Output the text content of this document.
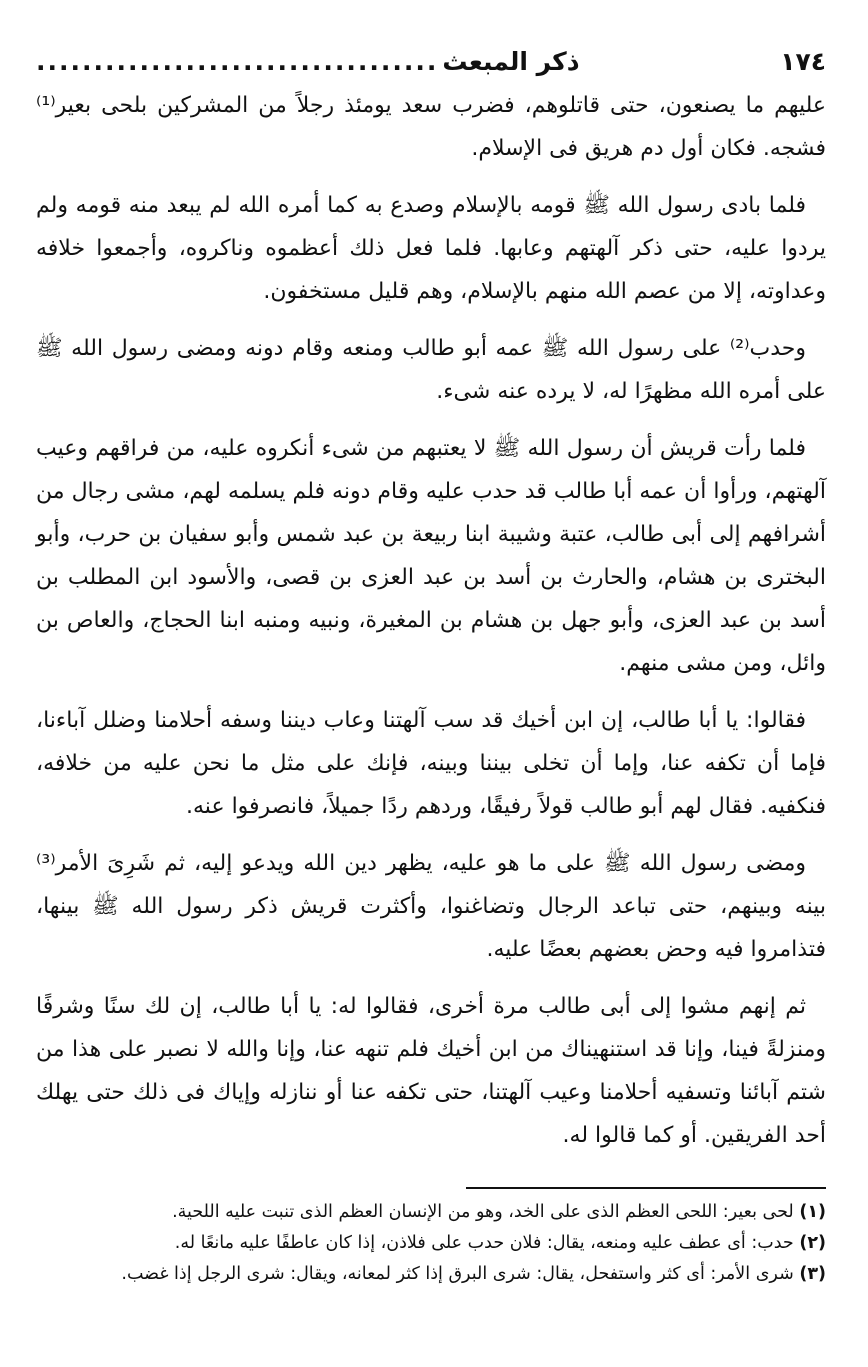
١٧٤
ذكر المبعث
...................................

عليهم ما يصنعون، حتى قاتلوهم، فضرب سعد يومئذ رجلاً من المشركين بلحى بعير⁽¹⁾ فشجه. فكان أول دم هريق فى الإسلام.

فلما بادى رسول الله ﷺ قومه بالإسلام وصدع به كما أمره الله لم يبعد منه قومه ولم يردوا عليه، حتى ذكر آلهتهم وعابها. فلما فعل ذلك أعظموه وناكروه، وأجمعوا خلافه وعداوته، إلا من عصم الله منهم بالإسلام، وهم قليل مستخفون.

وحدب⁽²⁾ على رسول الله ﷺ عمه أبو طالب ومنعه وقام دونه ومضى رسول الله ﷺ على أمره الله مظهرًا له، لا يرده عنه شىء.

فلما رأت قريش أن رسول الله ﷺ لا يعتبهم من شىء أنكروه عليه، من فراقهم وعيب آلهتهم، ورأوا أن عمه أبا طالب قد حدب عليه وقام دونه فلم يسلمه لهم، مشى رجال من أشرافهم إلى أبى طالب، عتبة وشيبة ابنا ربيعة بن عبد شمس وأبو سفيان بن حرب، وأبو البخترى بن هشام، والحارث بن أسد بن عبد العزى بن قصى، والأسود ابن المطلب بن أسد بن عبد العزى، وأبو جهل بن هشام بن المغيرة، ونبيه ومنبه ابنا الحجاج، والعاص بن وائل، ومن مشى منهم.

فقالوا: يا أبا طالب، إن ابن أخيك قد سب آلهتنا وعاب ديننا وسفه أحلامنا وضلل آباءنا، فإما أن تكفه عنا، وإما أن تخلى بيننا وبينه، فإنك على مثل ما نحن عليه من خلافه، فنكفيه. فقال لهم أبو طالب قولاً رفيقًا، وردهم ردًا جميلاً، فانصرفوا عنه.

ومضى رسول الله ﷺ على ما هو عليه، يظهر دين الله ويدعو إليه، ثم شَرِىَ الأمر⁽³⁾ بينه وبينهم، حتى تباعد الرجال وتضاغنوا، وأكثرت قريش ذكر رسول الله ﷺ بينها، فتذامروا فيه وحض بعضهم بعضًا عليه.

ثم إنهم مشوا إلى أبى طالب مرة أخرى، فقالوا له: يا أبا طالب، إن لك سنًا وشرفًا ومنزلةً فينا، وإنا قد استنهيناك من ابن أخيك فلم تنهه عنا، وإنا والله لا نصبر على هذا من شتم آبائنا وتسفيه أحلامنا وعيب آلهتنا، حتى تكفه عنا أو ننازله وإياك فى ذلك حتى يهلك أحد الفريقين. أو كما قالوا له.

(١) لحى بعير: اللحى العظم الذى على الخد، وهو من الإنسان العظم الذى تنبت عليه اللحية.

(٢) حدب: أى عطف عليه ومنعه، يقال: فلان حدب على فلاذن، إذا كان عاطفًا عليه مانعًا له.

(٣) شرى الأمر: أى كثر واستفحل، يقال: شرى البرق إذا كثر لمعانه، ويقال: شرى الرجل إذا غضب.
